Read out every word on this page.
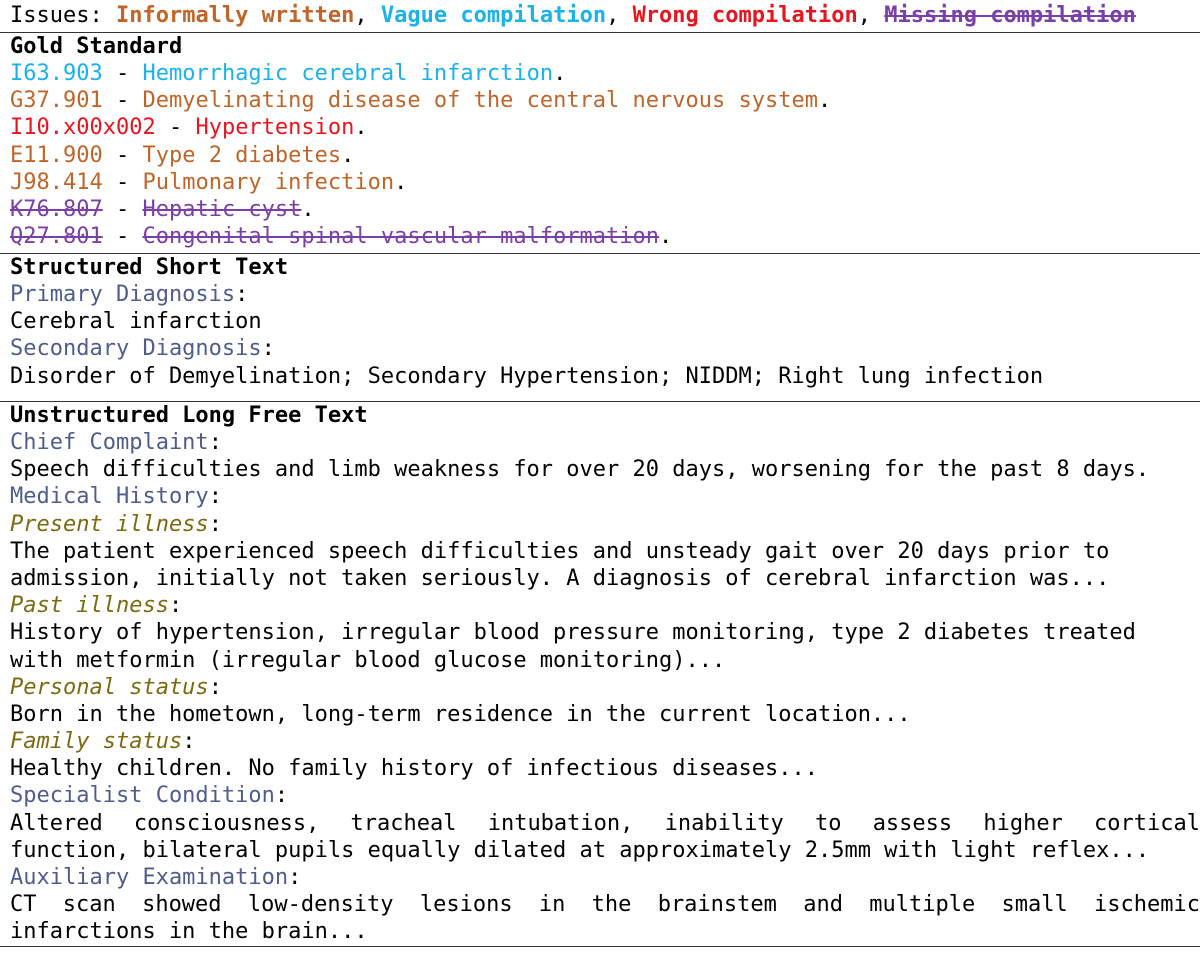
Issues: Informally written, Vague compilation, Wrong compilation, Missing compilation
Gold Standard
I63.903 - Hemorrhagic cerebral infarction.
G37.901 - Demyelinating disease of the central nervous system.
I10.x00x002 - Hypertension.
E11.900 - Type 2 diabetes.
J98.414 - Pulmonary infection.
K76.807 - Hepatic cyst.
Q27.801 - Congenital spinal vascular malformation.
Structured Short Text
Primary Diagnosis:
Cerebral infarction
Secondary Diagnosis:
Disorder of Demyelination; Secondary Hypertension; NIDDM; Right lung infection
Unstructured Long Free Text
Chief Complaint:
Speech difficulties and limb weakness for over 20 days, worsening for the past 8 days.
Medical History:
Present illness:
The patient experienced speech difficulties and unsteady gait over 20 days prior to
admission, initially not taken seriously. A diagnosis of cerebral infarction was...
Past illness:
History of hypertension, irregular blood pressure monitoring, type 2 diabetes treated
with metformin (irregular blood glucose monitoring)...
Personal status:
Born in the hometown, long-term residence in the current location...
Family status:
Healthy children. No family history of infectious diseases...
Specialist Condition:
Altered consciousness, tracheal intubation, inability to assess higher cortical
function, bilateral pupils equally dilated at approximately 2.5mm with light reflex...
Auxiliary Examination:
CT scan showed low-density lesions in the brainstem and multiple small ischemic
infarctions in the brain...
